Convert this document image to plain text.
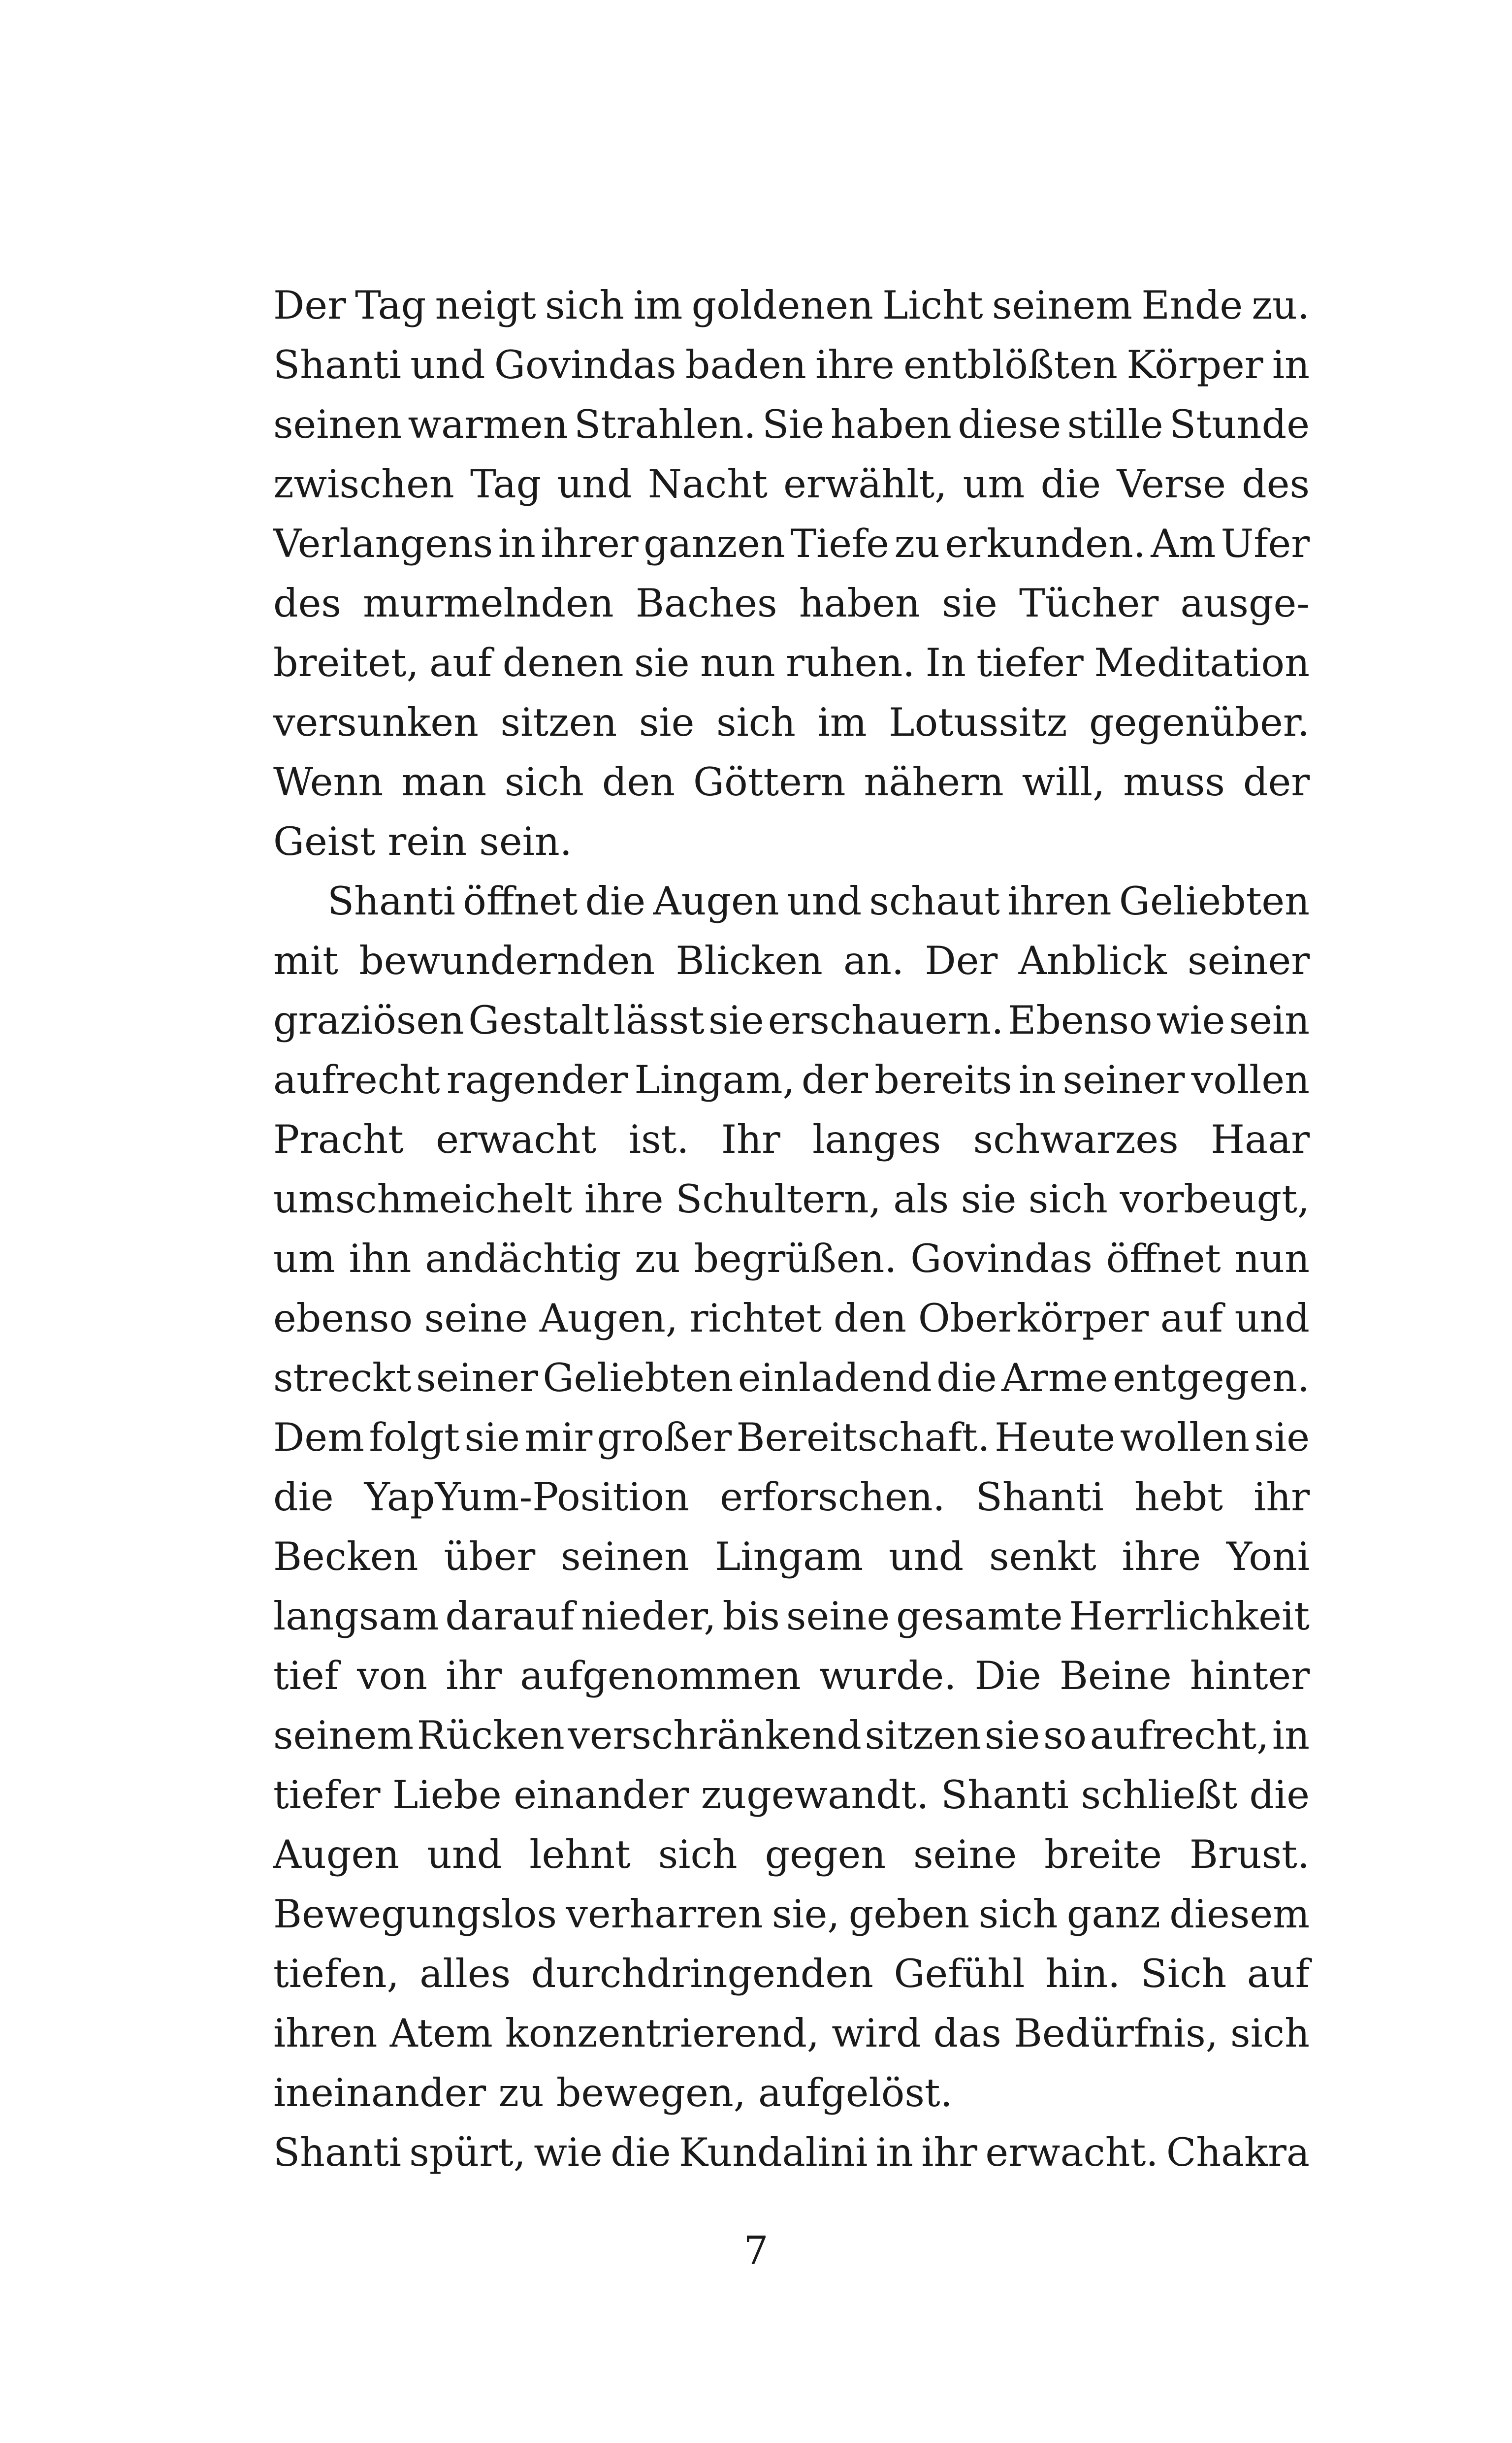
Der Tag neigt sich im goldenen Licht seinem Ende zu.
Shanti und Govindas baden ihre entblößten Körper in
seinen warmen Strahlen. Sie haben diese stille Stunde
zwischen Tag und Nacht erwählt, um die Verse des
Verlangens in ihrer ganzen Tiefe zu erkunden. Am Ufer
des murmelnden Baches haben sie Tücher ausge-
breitet, auf denen sie nun ruhen. In tiefer Meditation
versunken sitzen sie sich im Lotussitz gegenüber.
Wenn man sich den Göttern nähern will, muss der
Geist rein sein.
Shanti öffnet die Augen und schaut ihren Geliebten
mit bewundernden Blicken an. Der Anblick seiner
graziösen Gestalt lässt sie erschauern. Ebenso wie sein
aufrecht ragender Lingam, der bereits in seiner vollen
Pracht erwacht ist. Ihr langes schwarzes Haar
umschmeichelt ihre Schultern, als sie sich vorbeugt,
um ihn andächtig zu begrüßen. Govindas öffnet nun
ebenso seine Augen, richtet den Oberkörper auf und
streckt seiner Geliebten einladend die Arme entgegen.
Dem folgt sie mir großer Bereitschaft. Heute wollen sie
die YapYum-Position erforschen. Shanti hebt ihr
Becken über seinen Lingam und senkt ihre Yoni
langsam darauf nieder, bis seine gesamte Herrlichkeit
tief von ihr aufgenommen wurde. Die Beine hinter
seinem Rücken verschränkend sitzen sie so aufrecht, in
tiefer Liebe einander zugewandt. Shanti schließt die
Augen und lehnt sich gegen seine breite Brust.
Bewegungslos verharren sie, geben sich ganz diesem
tiefen, alles durchdringenden Gefühl hin. Sich auf
ihren Atem konzentrierend, wird das Bedürfnis, sich
ineinander zu bewegen, aufgelöst.
Shanti spürt, wie die Kundalini in ihr erwacht. Chakra
7
